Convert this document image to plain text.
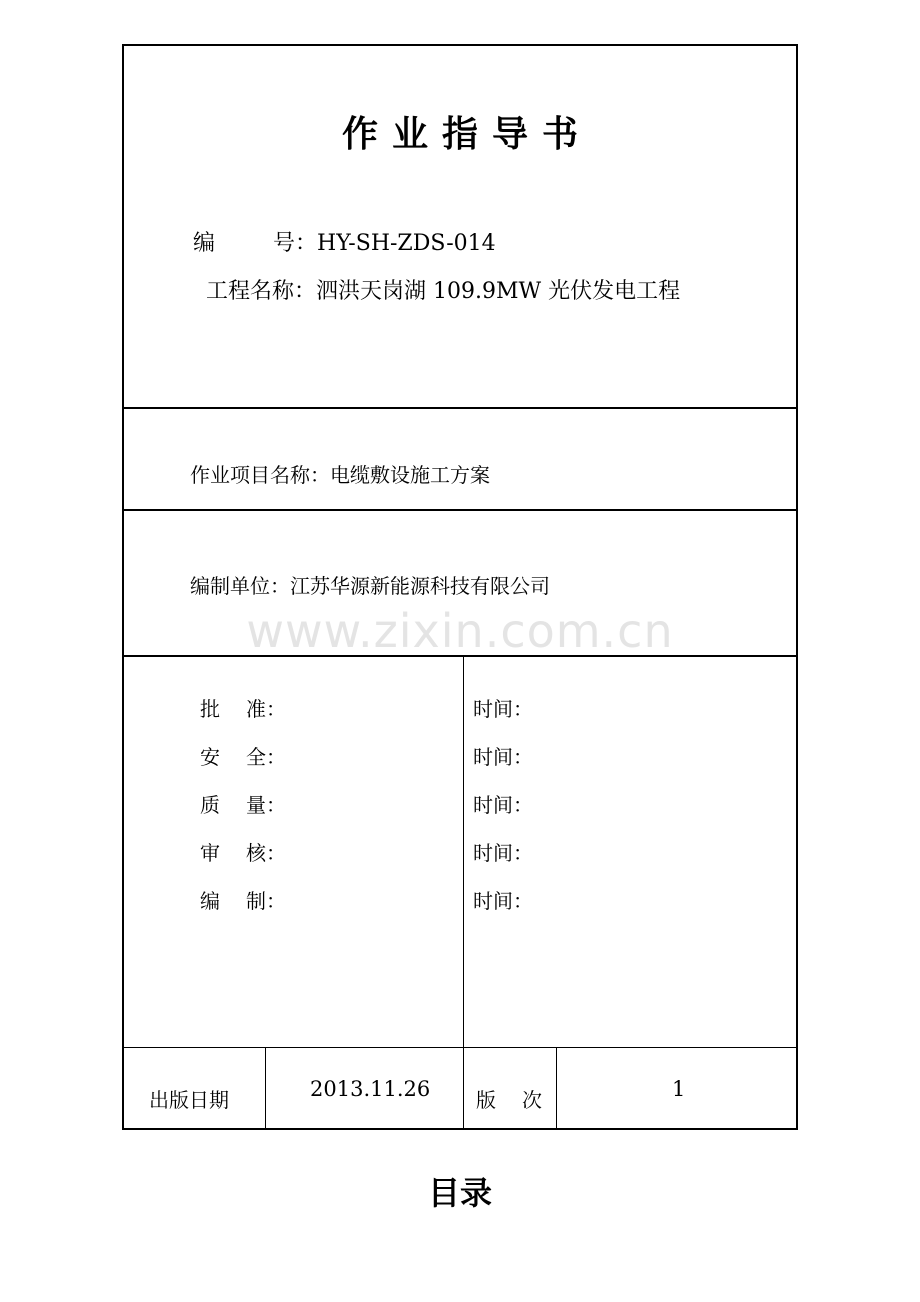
www.zixin.com.cn
作业指导书
编	号：HY-SH-ZDS-014
工程名称：泗洪天岗湖 109.9MW 光伏发电工程
作业项目名称：电缆敷设施工方案
编制单位：江苏华源新能源科技有限公司
批 准：	时间：
安 全：	时间：
质 量：	时间：
审 核：	时间：
编 制：	时间：
出版日期	2013.11.26 版 次	1
目录
